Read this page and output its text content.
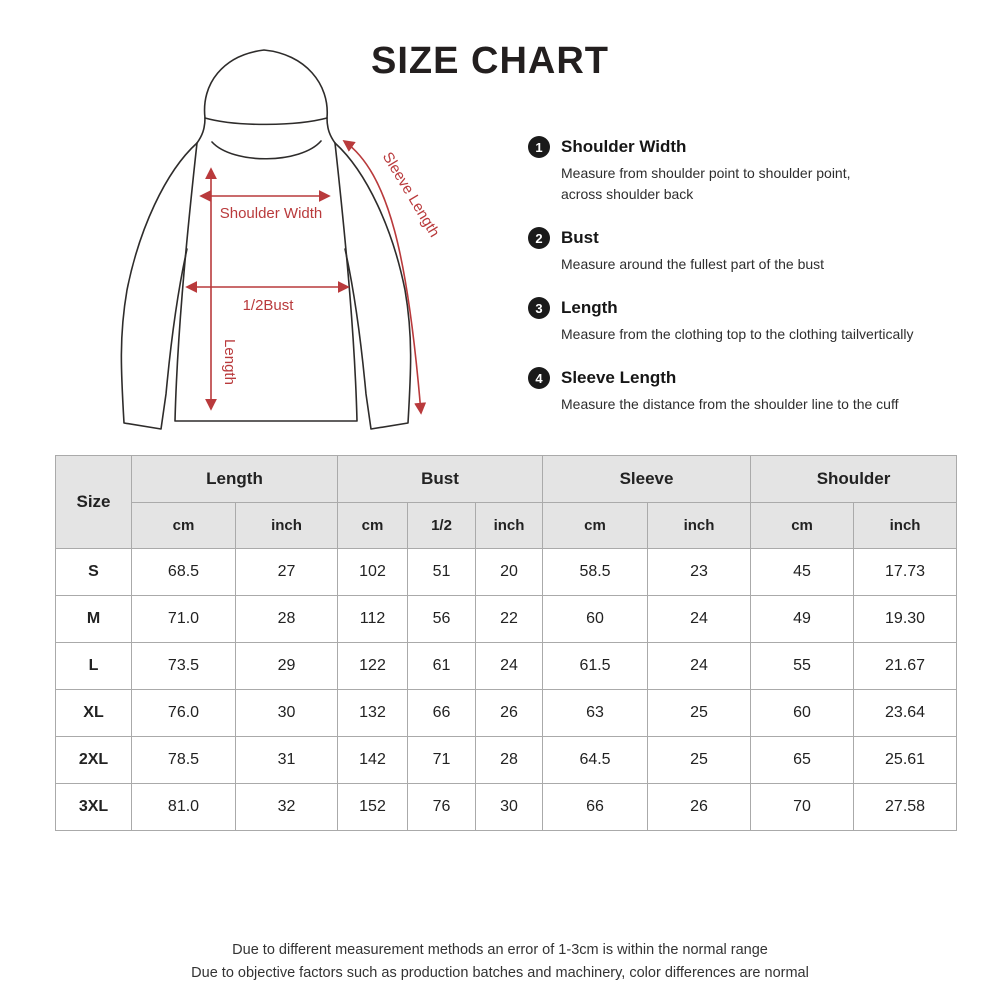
SIZE CHART
Shoulder Width
1/2Bust
Length
Sleeve Length
1	Shoulder Width
Measure from shoulder point to shoulder point,
across shoulder back
2	Bust
Measure around the fullest part of the bust
3	Length
Measure from the clothing top to the clothing tailvertically
4	Sleeve Length
Measure the distance from the shoulder line to the cuff
Size	Length		Bust			Sleeve		Shoulder	
	cm	inch	cm	1/2	inch	cm	inch	cm	inch
S	68.5	27	102	51	20	58.5	23	45	17.73
M	71.0	28	112	56	22	60	24	49	19.30
L	73.5	29	122	61	24	61.5	24	55	21.67
XL	76.0	30	132	66	26	63	25	60	23.64
2XL	78.5	31	142	71	28	64.5	25	65	25.61
3XL	81.0	32	152	76	30	66	26	70	27.58
Due to different measurement methods an error of 1-3cm is within the normal range
Due to objective factors such as production batches and machinery, color differences are normal
